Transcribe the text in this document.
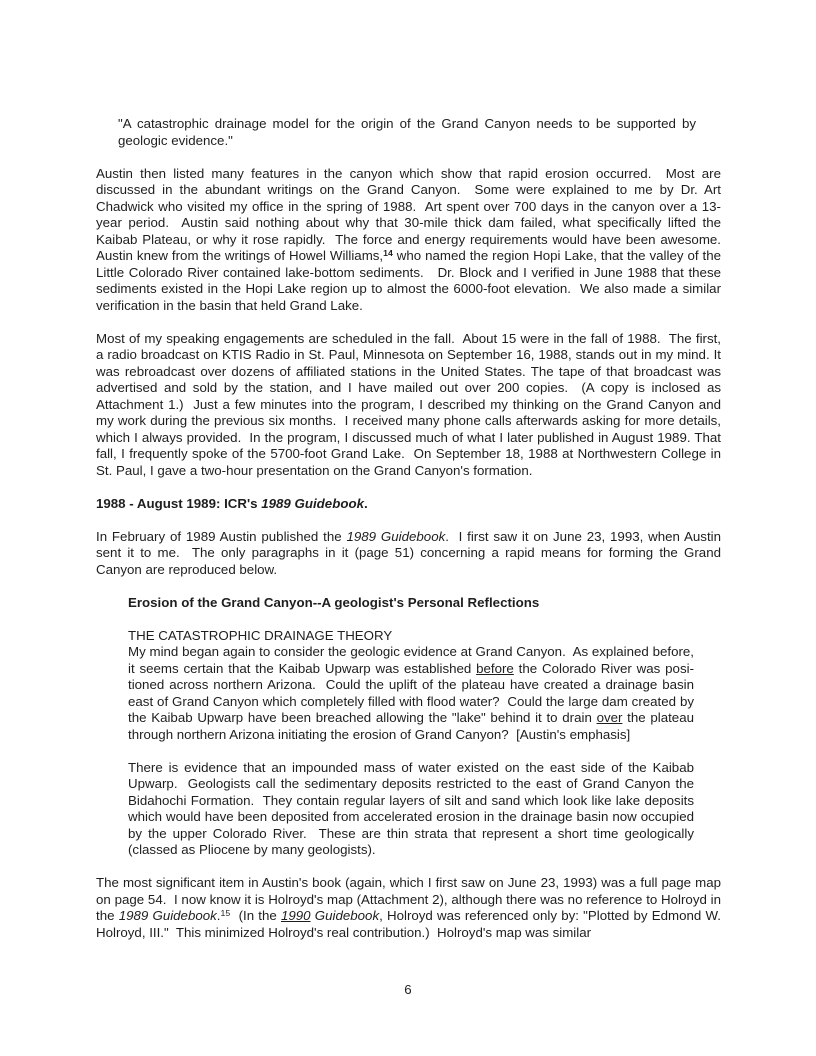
"A catastrophic drainage model for the origin of the Grand Canyon needs to be supported by geologic evidence."

Austin then listed many features in the canyon which show that rapid erosion occurred.  Most are discussed in the abundant writings on the Grand Canyon.  Some were explained to me by Dr. Art Chadwick who visited my office in the spring of 1988.  Art spent over 700 days in the canyon over a 13-year period.  Austin said nothing about why that 30-mile thick dam failed, what specifically lifted the Kaibab Plateau, or why it rose rapidly.  The force and energy requirements would have been awesome. Austin knew from the writings of Howel Williams,$^{14}$ who named the region Hopi Lake, that the valley of the Little Colorado River contained lake-bottom sediments.   Dr. Block and I verified in June 1988 that these sediments existed in the Hopi Lake region up to almost the 6000-foot elevation.  We also made a similar verification in the basin that held Grand Lake.

Most of my speaking engagements are scheduled in the fall.  About 15 were in the fall of 1988.  The first, a radio broadcast on KTIS Radio in St. Paul, Minnesota on September 16, 1988, stands out in my mind. It was rebroadcast over dozens of affiliated stations in the United States. The tape of that broadcast was advertised and sold by the station, and I have mailed out over 200 copies.  (A copy is inclosed as Attachment 1.)  Just a few minutes into the program, I described my thinking on the Grand Canyon and my work during the previous six months.  I received many phone calls afterwards asking for more details, which I always provided.  In the program, I discussed much of what I later published in August 1989. That fall, I frequently spoke of the 5700-foot Grand Lake.  On September 18, 1988 at Northwestern College in St. Paul, I gave a two-hour presentation on the Grand Canyon's formation.

1988 - August 1989: ICR's 1989 Guidebook.

In February of 1989 Austin published the 1989 Guidebook.  I first saw it on June 23, 1993, when Austin sent it to me.  The only paragraphs in it (page 51) concerning a rapid means for forming the Grand Canyon are reproduced below.

Erosion of the Grand Canyon--A geologist's Personal Reflections

THE CATASTROPHIC DRAINAGE THEORY

My mind began again to consider the geologic evidence at Grand Canyon.  As explained before, it seems certain that the Kaibab Upwarp was established before the Colorado River was positioned across northern Arizona.  Could the uplift of the plateau have created a drainage basin east of Grand Canyon which completely filled with flood water?  Could the large dam created by the Kaibab Upwarp have been breached allowing the "lake" behind it to drain over the plateau through northern Arizona initiating the erosion of Grand Canyon?  [Austin's emphasis]

There is evidence that an impounded mass of water existed on the east side of the Kaibab Upwarp.  Geologists call the sedimentary deposits restricted to the east of Grand Canyon the Bidahochi Formation.  They contain regular layers of silt and sand which look like lake deposits which would have been deposited from accelerated erosion in the drainage basin now occupied by the upper Colorado River.  These are thin strata that represent a short time geologically (classed as Pliocene by many geologists).

The most significant item in Austin's book (again, which I first saw on June 23, 1993) was a full page map on page 54.  I now know it is Holroyd's map (Attachment 2), although there was no reference to Holroyd in the 1989 Guidebook.$^{15}$  (In the 1990 Guidebook, Holroyd was referenced only by: "Plotted by Edmond W. Holroyd, III."  This minimized Holroyd's real contribution.)  Holroyd's map was similar

6
